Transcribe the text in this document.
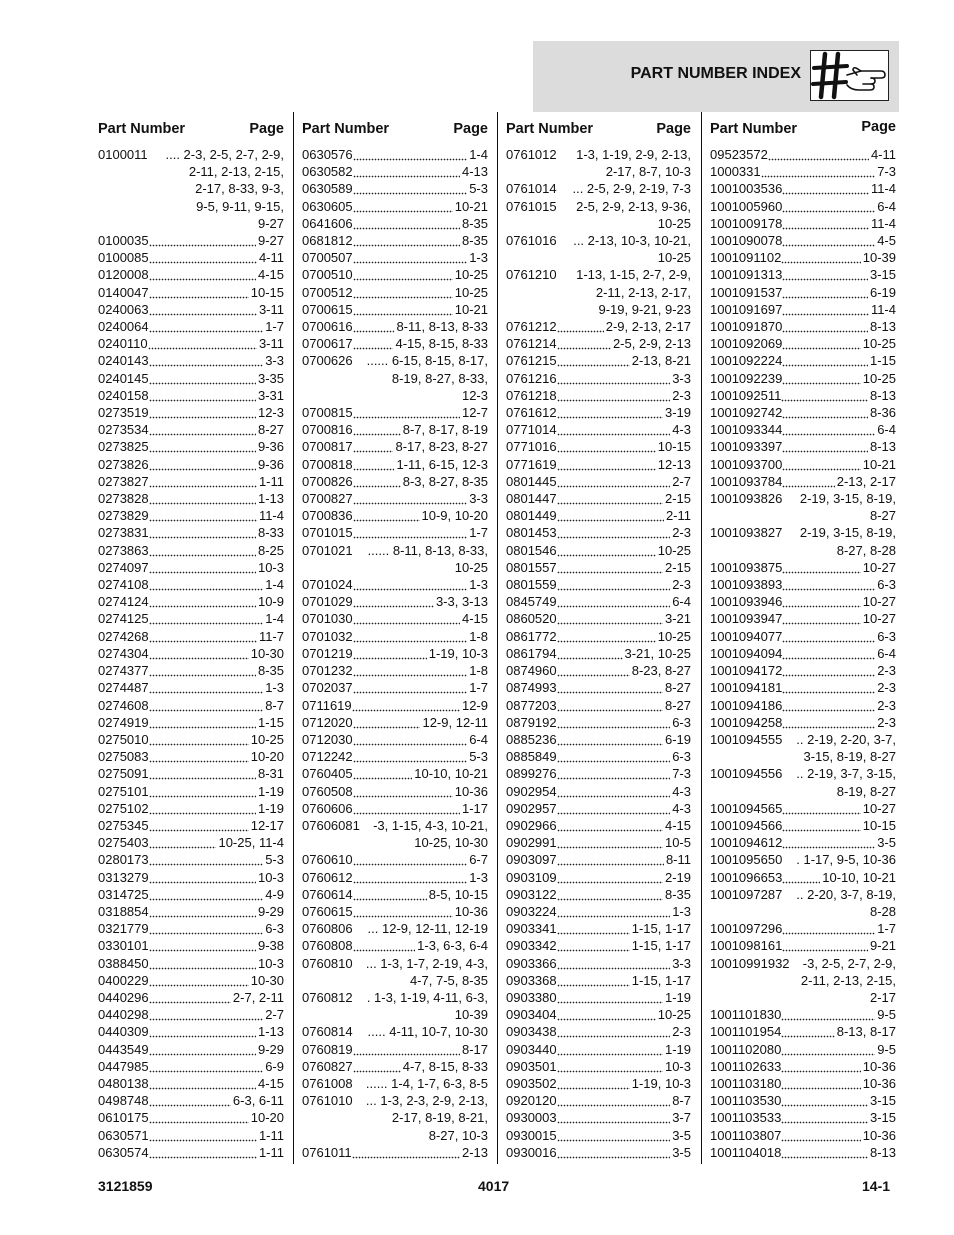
PART NUMBER INDEX
Part Number	Page
0100011	.... 2-3, 2-5, 2-7, 2-9,
2-11, 2-13, 2-15,
2-17, 8-33, 9-3,
9-5, 9-11, 9-15,
9-27
0100035	9-27
0100085	4-11
0120008	4-15
0140047	10-15
0240063	3-11
0240064	1-7
0240110	3-11
0240143	3-3
0240145	3-35
0240158	3-31
0273519	12-3
0273534	8-27
0273825	9-36
0273826	9-36
0273827	1-11
0273828	1-13
0273829	11-4
0273831	8-33
0273863	8-25
0274097	10-3
0274108	1-4
0274124	10-9
0274125	1-4
0274268	11-7
0274304	10-30
0274377	8-35
0274487	1-3
0274608	8-7
0274919	1-15
0275010	10-25
0275083	10-20
0275091	8-31
0275101	1-19
0275102	1-19
0275345	12-17
0275403	10-25, 11-4
0280173	5-3
0313279	10-3
0314725	4-9
0318854	9-29
0321779	6-3
0330101	9-38
0388450	10-3
0400229	10-30
0440296	2-7, 2-11
0440298	2-7
0440309	1-13
0443549	9-29
0447985	6-9
0480138	4-15
0498748	6-3, 6-11
0610175	10-20
0630571	1-11
0630574	1-11
Part Number	Page
0630576	1-4
0630582	4-13
0630589	5-3
0630605	10-21
0641606	8-35
0681812	8-35
0700507	1-3
0700510	10-25
0700512	10-25
0700615	10-21
0700616	8-11, 8-13, 8-33
0700617	4-15, 8-15, 8-33
0700626	...... 6-15, 8-15, 8-17,
8-19, 8-27, 8-33,
12-3
0700815	12-7
0700816	8-7, 8-17, 8-19
0700817	8-17, 8-23, 8-27
0700818	1-11, 6-15, 12-3
0700826	8-3, 8-27, 8-35
0700827	3-3
0700836	10-9, 10-20
0701015	1-7
0701021	...... 8-11, 8-13, 8-33,
10-25
0701024	1-3
0701029	3-3, 3-13
0701030	4-15
0701032	1-8
0701219	1-19, 10-3
0701232	1-8
0702037	1-7
0711619	12-9
0712020	12-9, 12-11
0712030	6-4
0712242	5-3
0760405	10-10, 10-21
0760508	10-36
0760606	1-17
07606081	-3, 1-15, 4-3, 10-21,
10-25, 10-30
0760610	6-7
0760612	1-3
0760614	8-5, 10-15
0760615	10-36
0760806	... 12-9, 12-11, 12-19
0760808	1-3, 6-3, 6-4
0760810	... 1-3, 1-7, 2-19, 4-3,
4-7, 7-5, 8-35
0760812	. 1-3, 1-19, 4-11, 6-3,
10-39
0760814	..... 4-11, 10-7, 10-30
0760819	8-17
0760827	4-7, 8-15, 8-33
0761008	...... 1-4, 1-7, 6-3, 8-5
0761010	... 1-3, 2-3, 2-9, 2-13,
2-17, 8-19, 8-21,
8-27, 10-3
0761011	2-13
Part Number	Page
0761012	1-3, 1-19, 2-9, 2-13,
2-17, 8-7, 10-3
0761014	... 2-5, 2-9, 2-19, 7-3
0761015	2-5, 2-9, 2-13, 9-36,
10-25
0761016	... 2-13, 10-3, 10-21,
10-25
0761210	1-13, 1-15, 2-7, 2-9,
2-11, 2-13, 2-17,
9-19, 9-21, 9-23
0761212	2-9, 2-13, 2-17
0761214	2-5, 2-9, 2-13
0761215	2-13, 8-21
0761216	3-3
0761218	2-3
0761612	3-19
0771014	4-3
0771016	10-15
0771619	12-13
0801445	2-7
0801447	2-15
0801449	2-11
0801453	2-3
0801546	10-25
0801557	2-15
0801559	2-3
0845749	6-4
0860520	3-21
0861772	10-25
0861794	3-21, 10-25
0874960	8-23, 8-27
0874993	8-27
0877203	8-27
0879192	6-3
0885236	6-19
0885849	6-3
0899276	7-3
0902954	4-3
0902957	4-3
0902966	4-15
0902991	10-5
0903097	8-11
0903109	2-19
0903122	8-35
0903224	1-3
0903341	1-15, 1-17
0903342	1-15, 1-17
0903366	3-3
0903368	1-15, 1-17
0903380	1-19
0903404	10-25
0903438	2-3
0903440	1-19
0903501	10-3
0903502	1-19, 10-3
0920120	8-7
0930003	3-7
0930015	3-5
0930016	3-5
Part Number	Page
09523572	4-11
1000331	7-3
1001003536	11-4
1001005960	6-4
1001009178	11-4
1001090078	4-5
1001091102	10-39
1001091313	3-15
1001091537	6-19
1001091697	11-4
1001091870	8-13
1001092069	10-25
1001092224	1-15
1001092239	10-25
1001092511	8-13
1001092742	8-36
1001093344	6-4
1001093397	8-13
1001093700	10-21
1001093784	2-13, 2-17
1001093826	2-19, 3-15, 8-19,
8-27
1001093827	2-19, 3-15, 8-19,
8-27, 8-28
1001093875	10-27
1001093893	6-3
1001093946	10-27
1001093947	10-27
1001094077	6-3
1001094094	6-4
1001094172	2-3
1001094181	2-3
1001094186	2-3
1001094258	2-3
1001094555	.. 2-19, 2-20, 3-7,
3-15, 8-19, 8-27
1001094556	.. 2-19, 3-7, 3-15,
8-19, 8-27
1001094565	10-27
1001094566	10-15
1001094612	3-5
1001095650	. 1-17, 9-5, 10-36
1001096653	10-10, 10-21
1001097287	.. 2-20, 3-7, 8-19,
8-28
1001097296	1-7
1001098161	9-21
10010991932	-3, 2-5, 2-7, 2-9,
2-11, 2-13, 2-15,
2-17
1001101830	9-5
1001101954	8-13, 8-17
1001102080	9-5
1001102633	10-36
1001103180	10-36
1001103530	3-15
1001103533	3-15
1001103807	10-36
1001104018	8-13
3121859	4017	14-1
